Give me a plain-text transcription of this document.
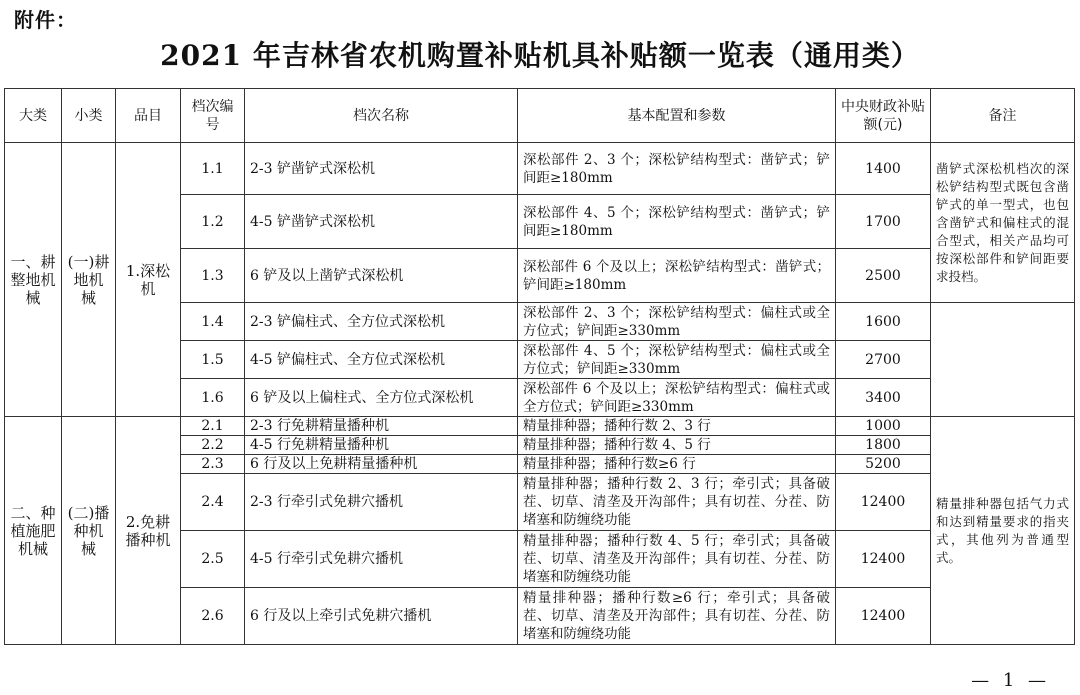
附件：
2021 年吉林省农机购置补贴机具补贴额一览表（通用类）
大类	小类	品目	档次编号	档次名称	基本配置和参数	中央财政补贴额(元)	备注
一、耕整地机械	(一)耕地机械	1.深松机	1.1	2-3 铲凿铲式深松机	深松部件 2、3 个；深松铲结构型式：凿铲式；铲间距≥180mm	1400	凿铲式深松机档次的深松铲结构型式既包含凿铲式的单一型式，也包含凿铲式和偏柱式的混合型式，相关产品均可按深松部件和铲间距要求投档。
			1.2	4-5 铲凿铲式深松机	深松部件 4、5 个；深松铲结构型式：凿铲式；铲间距≥180mm	1700	
			1.3	6 铲及以上凿铲式深松机	深松部件 6 个及以上；深松铲结构型式：凿铲式；铲间距≥180mm	2500	
			1.4	2-3 铲偏柱式、全方位式深松机	深松部件 2、3 个；深松铲结构型式：偏柱式或全方位式；铲间距≥330mm	1600	
			1.5	4-5 铲偏柱式、全方位式深松机	深松部件 4、5 个；深松铲结构型式：偏柱式或全方位式；铲间距≥330mm	2700	
			1.6	6 铲及以上偏柱式、全方位式深松机	深松部件 6 个及以上；深松铲结构型式：偏柱式或全方位式；铲间距≥330mm	3400	
二、种植施肥机械	(二)播种机械	2.免耕播种机	2.1	2-3 行免耕精量播种机	精量排种器；播种行数 2、3 行	1000	精量排种器包括气力式和达到精量要求的指夹式，其他列为普通型式。
			2.2	4-5 行免耕精量播种机	精量排种器；播种行数 4、5 行	1800	
			2.3	6 行及以上免耕精量播种机	精量排种器；播种行数≥6 行	5200	
			2.4	2-3 行牵引式免耕穴播机	精量排种器；播种行数 2、3 行；牵引式；具备破茬、切草、清垄及开沟部件；具有切茬、分茬、防堵塞和防缠绕功能	12400	
			2.5	4-5 行牵引式免耕穴播机	精量排种器；播种行数 4、5 行；牵引式；具备破茬、切草、清垄及开沟部件；具有切茬、分茬、防堵塞和防缠绕功能	12400	
			2.6	6 行及以上牵引式免耕穴播机	精量排种器；播种行数≥6 行；牵引式；具备破茬、切草、清垄及开沟部件；具有切茬、分茬、防堵塞和防缠绕功能	12400	
— 1 —
